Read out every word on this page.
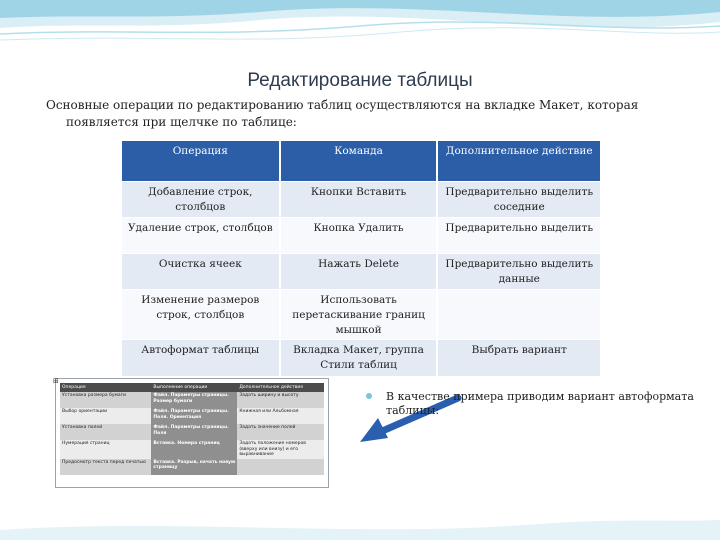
Редактирование таблицы
Основные операции по редактированию таблиц осуществляются на вкладке Макет, которая
появляется при щелчке по таблице:
Операция	Команда	Дополнительное действие
Добавление строк, столбцов	Кнопки Вставить	Предварительно выделить соседние
Удаление строк, столбцов	Кнопка Удалить	Предварительно выделить
Очистка ячеек	Нажать Delete	Предварительно выделить данные
Изменение размеров строк, столбцов	Использовать перетаскивание границ мышкой	
Автоформат таблицы	Вкладка Макет, группа Стили таблиц	Выбрать вариант
⊞
Операция	Выполнение операции	Дополнительное действие
Установка размера бумаги	Файл. Параметры страницы. Размер бумаги	Задать ширину и высоту
Выбор ориентации	Файл. Параметры страницы. Поля. Ориентация	Книжная или Альбомная
Установка полей	Файл. Параметры страницы. Поля	Задать значение полей
Нумерация страниц	Вставка. Номера страниц	Задать положение номеров (вверху или внизу) и его выравнивание
Предосмотр текста перед печатью	Вставка. Разрыв, начать новую страницу	
В качестве примера приводим вариант автоформата таблицы:
